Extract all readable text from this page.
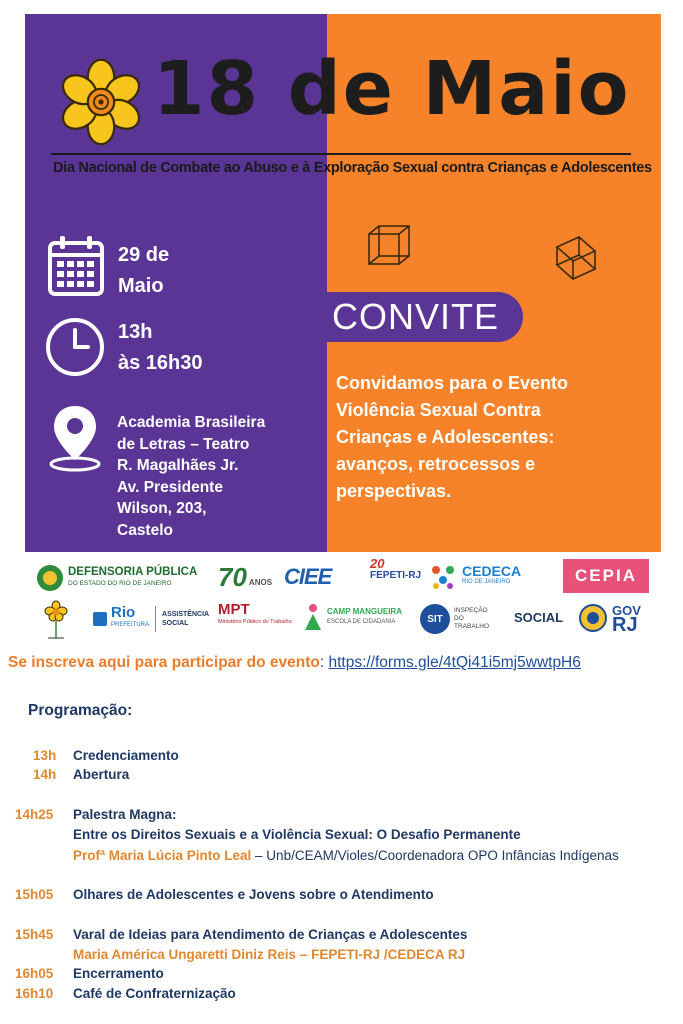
18 de Maio
Dia Nacional de Combate ao Abuso e à Exploração Sexual contra Crianças e Adolescentes
29 de
Maio
13h
às 16h30
Academia Brasileira
de Letras – Teatro
R. Magalhães Jr.
Av. Presidente
Wilson, 203,
Castelo
CONVITE
Convidamos para o Evento
Violência Sexual Contra
Crianças e Adolescentes:
avanços, retrocessos e
perspectivas.
DEFENSORIA PÚBLICA
DO ESTADO DO RIO DE JANEIRO	70 ANOS CIEE
20
FEPETI-RJ	CEDECA
RIO DE JANEIRO	CEPIA
Rio
PREFEITURA
ASSISTÊNCIA SOCIAL
MPT
Ministério Público do Trabalho
CAMP MANGUEIRA
ESCOLA DE CIDADANIA	SIT
INSPEÇÃO DO TRABALHO
SOCIAL	GOV
RJ
Se inscreva aqui para participar do evento: https://forms.gle/4tQi41i5mj5wwtpH6
Programação:
13h Credenciamento
14h Abertura
14h25 Palestra Magna:
Entre os Direitos Sexuais e a Violência Sexual: O Desafio Permanente
Profª Maria Lúcia Pinto Leal – Unb/CEAM/Violes/Coordenadora OPO Infâncias Indígenas
15h05 Olhares de Adolescentes e Jovens sobre o Atendimento
15h45 Varal de Ideias para Atendimento de Crianças e Adolescentes
Maria América Ungaretti Diniz Reis – FEPETI-RJ /CEDECA RJ
16h05 Encerramento
16h10 Café de Confraternização
